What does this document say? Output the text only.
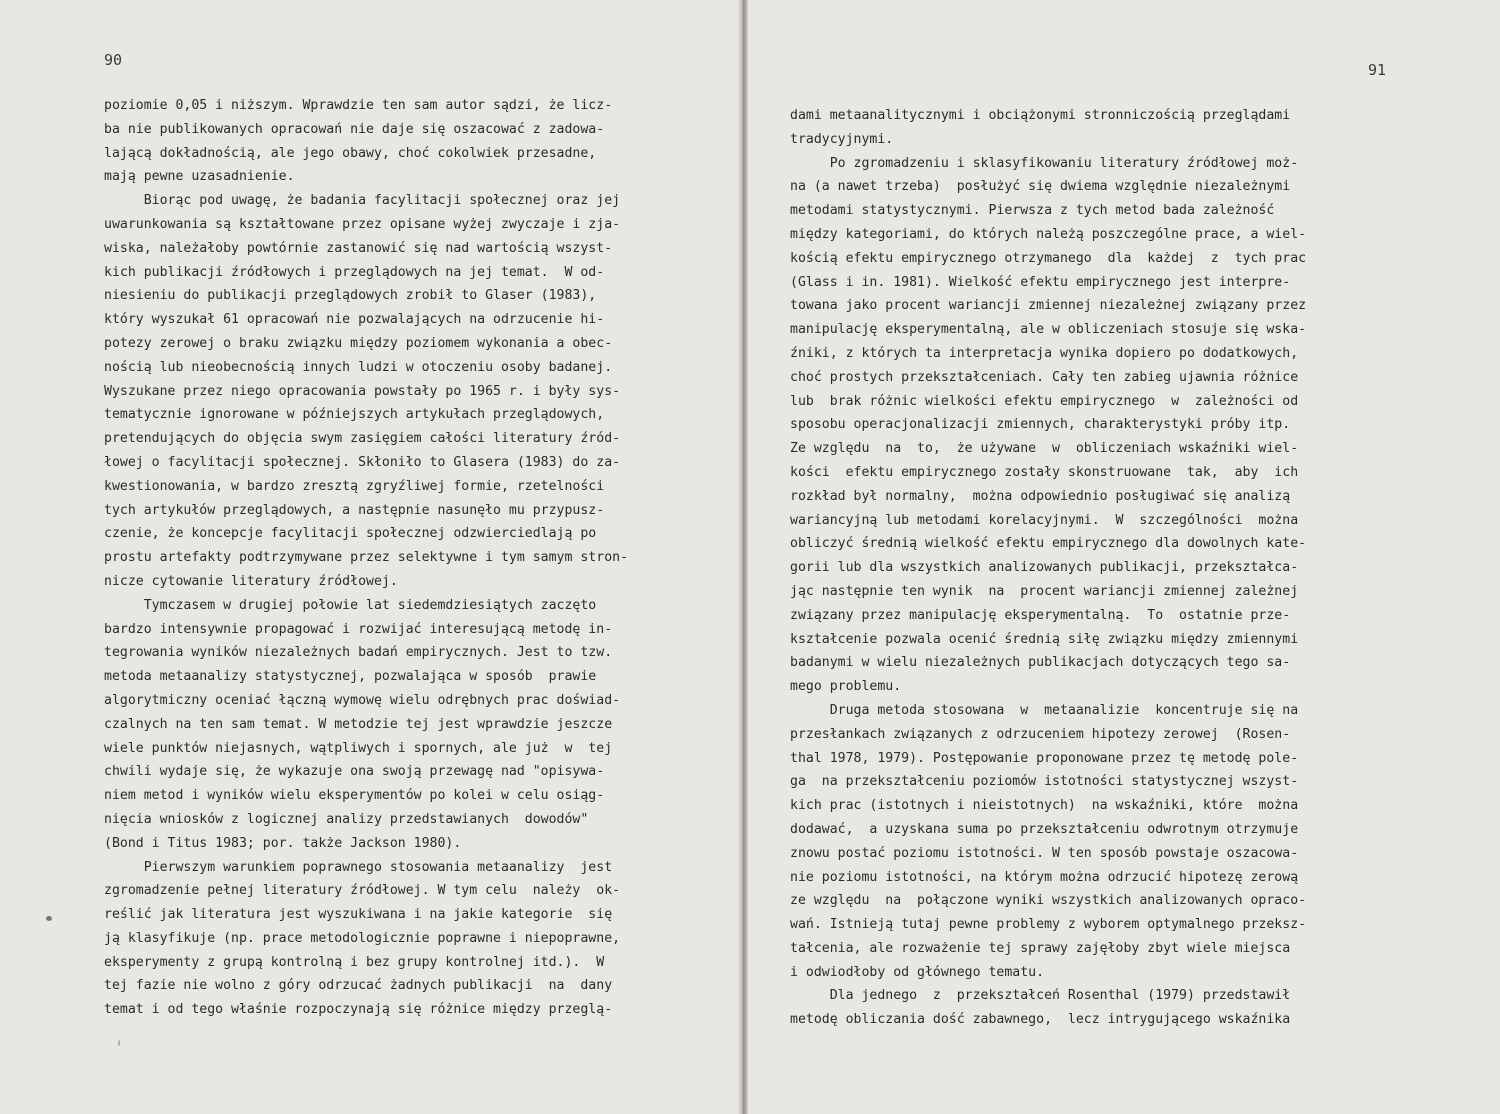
90
poziomie 0,05 i niższym. Wprawdzie ten sam autor sądzi, że licz-
ba nie publikowanych opracowań nie daje się oszacować z zadowa-
lającą dokładnością, ale jego obawy, choć cokolwiek przesadne,
mają pewne uzasadnienie.
Biorąc pod uwagę, że badania facylitacji społecznej oraz jej
uwarunkowania są kształtowane przez opisane wyżej zwyczaje i zja-
wiska, należałoby powtórnie zastanowić się nad wartością wszyst-
kich publikacji źródłowych i przeglądowych na jej temat.  W od-
niesieniu do publikacji przeglądowych zrobił to Glaser (1983),
który wyszukał 61 opracowań nie pozwalających na odrzucenie hi-
potezy zerowej o braku związku między poziomem wykonania a obec-
nością lub nieobecnością innych ludzi w otoczeniu osoby badanej.
Wyszukane przez niego opracowania powstały po 1965 r. i były sys-
tematycznie ignorowane w późniejszych artykułach przeglądowych,
pretendujących do objęcia swym zasięgiem całości literatury źród-
łowej o facylitacji społecznej. Skłoniło to Glasera (1983) do za-
kwestionowania, w bardzo zresztą zgryźliwej formie, rzetelności
tych artykułów przeglądowych, a następnie nasunęło mu przypusz-
czenie, że koncepcje facylitacji społecznej odzwierciedlają po
prostu artefakty podtrzymywane przez selektywne i tym samym stron-
nicze cytowanie literatury źródłowej.
Tymczasem w drugiej połowie lat siedemdziesiątych zaczęto
bardzo intensywnie propagować i rozwijać interesującą metodę in-
tegrowania wyników niezależnych badań empirycznych. Jest to tzw.
metoda metaanalizy statystycznej, pozwalająca w sposób  prawie
algorytmiczny oceniać łączną wymowę wielu odrębnych prac doświad-
czalnych na ten sam temat. W metodzie tej jest wprawdzie jeszcze
wiele punktów niejasnych, wątpliwych i spornych, ale już  w  tej
chwili wydaje się, że wykazuje ona swoją przewagę nad "opisywa-
niem metod i wyników wielu eksperymentów po kolei w celu osiąg-
nięcia wniosków z logicznej analizy przedstawianych  dowodów"
(Bond i Titus 1983; por. także Jackson 1980).
Pierwszym warunkiem poprawnego stosowania metaanalizy  jest
zgromadzenie pełnej literatury źródłowej. W tym celu  należy  ok-
reślić jak literatura jest wyszukiwana i na jakie kategorie  się
ją klasyfikuje (np. prace metodologicznie poprawne i niepoprawne,
eksperymenty z grupą kontrolną i bez grupy kontrolnej itd.).  W
tej fazie nie wolno z góry odrzucać żadnych publikacji  na  dany
temat i od tego właśnie rozpoczynają się różnice między przeglą-
91
dami metaanalitycznymi i obciążonymi stronniczością przeglądami
tradycyjnymi.
Po zgromadzeniu i sklasyfikowaniu literatury źródłowej moż-
na (a nawet trzeba)  posłużyć się dwiema względnie niezależnymi
metodami statystycznymi. Pierwsza z tych metod bada zależność
między kategoriami, do których należą poszczególne prace, a wiel-
kością efektu empirycznego otrzymanego  dla  każdej  z  tych prac
(Glass i in. 1981). Wielkość efektu empirycznego jest interpre-
towana jako procent wariancji zmiennej niezależnej związany przez
manipulację eksperymentalną, ale w obliczeniach stosuje się wska-
źniki, z których ta interpretacja wynika dopiero po dodatkowych,
choć prostych przekształceniach. Cały ten zabieg ujawnia różnice
lub  brak różnic wielkości efektu empirycznego  w  zależności od
sposobu operacjonalizacji zmiennych, charakterystyki próby itp.
Ze względu  na  to,  że używane  w  obliczeniach wskaźniki wiel-
kości  efektu empirycznego zostały skonstruowane  tak,  aby  ich
rozkład był normalny,  można odpowiednio posługiwać się analizą
wariancyjną lub metodami korelacyjnymi.  W  szczególności  można
obliczyć średnią wielkość efektu empirycznego dla dowolnych kate-
gorii lub dla wszystkich analizowanych publikacji, przekształca-
jąc następnie ten wynik  na  procent wariancji zmiennej zależnej
związany przez manipulację eksperymentalną.  To  ostatnie prze-
kształcenie pozwala ocenić średnią siłę związku między zmiennymi
badanymi w wielu niezależnych publikacjach dotyczących tego sa-
mego problemu.
Druga metoda stosowana  w  metaanalizie  koncentruje się na
przesłankach związanych z odrzuceniem hipotezy zerowej  (Rosen-
thal 1978, 1979). Postępowanie proponowane przez tę metodę pole-
ga  na przekształceniu poziomów istotności statystycznej wszyst-
kich prac (istotnych i nieistotnych)  na wskaźniki, które  można
dodawać,  a uzyskana suma po przekształceniu odwrotnym otrzymuje
znowu postać poziomu istotności. W ten sposób powstaje oszacowa-
nie poziomu istotności, na którym można odrzucić hipotezę zerową
ze względu  na  połączone wyniki wszystkich analizowanych opraco-
wań. Istnieją tutaj pewne problemy z wyborem optymalnego przeksz-
tałcenia, ale rozważenie tej sprawy zajęłoby zbyt wiele miejsca
i odwiodłoby od głównego tematu.
Dla jednego  z  przekształceń Rosenthal (1979) przedstawił
metodę obliczania dość zabawnego,  lecz intrygującego wskaźnika
